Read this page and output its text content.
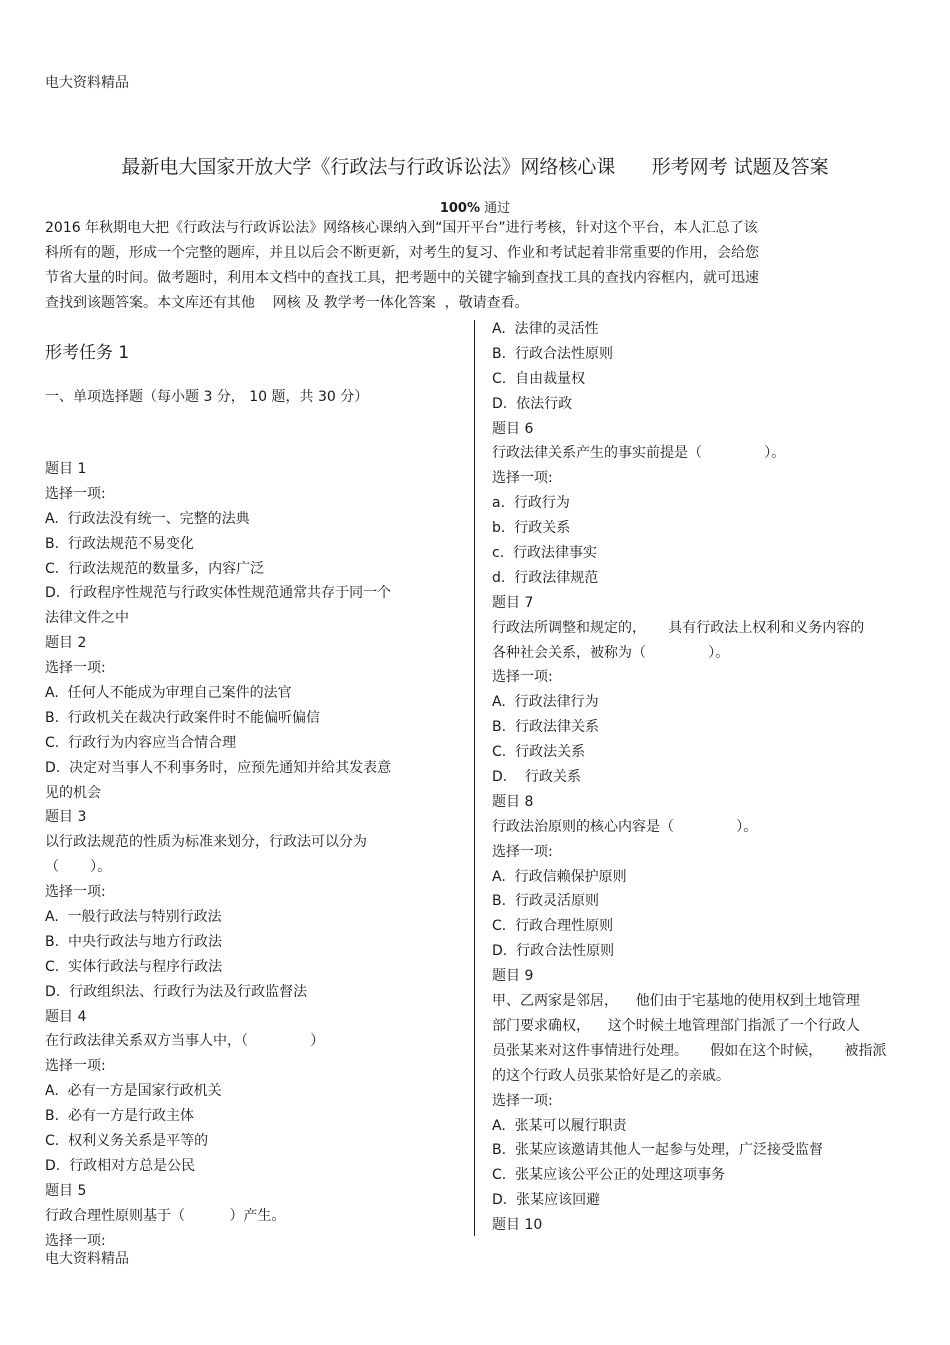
电大资料精品
最新电大国家开放大学《行政法与行政诉讼法》网络核心课      形考网考 试题及答案
100% 通过
2016 年秋期电大把《行政法与行政诉讼法》网络核心课纳入到“国开平台”进行考核，针对这个平台，本人汇总了该
科所有的题，形成一个完整的题库，并且以后会不断更新，对考生的复习、作业和考试起着非常重要的作用，会给您
节省大量的时间。做考题时，利用本文档中的查找工具，把考题中的关键字输到查找工具的查找内容框内，就可迅速
查找到该题答案。本文库还有其他    网核 及 教学考一体化答案  ，敬请查看。
形考任务 1
一、单项选择题（每小题 3 分， 10 题，共 30 分）
题目 1
选择一项:
A.  行政法没有统一、完整的法典
B.  行政法规范不易变化
C.  行政法规范的数量多，内容广泛
D.  行政程序性规范与行政实体性规范通常共存于同一个
法律文件之中
题目 2
选择一项:
A.  任何人不能成为审理自己案件的法官
B.  行政机关在裁决行政案件时不能偏听偏信
C.  行政行为内容应当合情合理
D.  决定对当事人不利事务时，应预先通知并给其发表意
见的机会
题目 3
以行政法规范的性质为标准来划分，行政法可以分为
（       ）。
选择一项:
A.  一般行政法与特别行政法
B.  中央行政法与地方行政法
C.  实体行政法与程序行政法
D.  行政组织法、行政行为法及行政监督法
题目 4
在行政法律关系双方当事人中，（              ）
选择一项:
A.  必有一方是国家行政机关
B.  必有一方是行政主体
C.  权利义务关系是平等的
D.  行政相对方总是公民
题目 5
行政合理性原则基于（          ）产生。
选择一项:
A.  法律的灵活性
B.  行政合法性原则
C.  自由裁量权
D.  依法行政
题目 6
行政法律关系产生的事实前提是（              ）。
选择一项:
a.  行政行为
b.  行政关系
c.  行政法律事实
d.  行政法律规范
题目 7
行政法所调整和规定的，     具有行政法上权利和义务内容的
各种社会关系，被称为（              ）。
选择一项:
A.  行政法律行为
B.  行政法律关系
C.  行政法关系
D.    行政关系
题目 8
行政法治原则的核心内容是（              ）。
选择一项:
A.  行政信赖保护原则
B.  行政灵活原则
C.  行政合理性原则
D.  行政合法性原则
题目 9
甲、乙两家是邻居，    他们由于宅基地的使用权到土地管理
部门要求确权，    这个时候土地管理部门指派了一个行政人
员张某来对这件事情进行处理。     假如在这个时候，     被指派
的这个行政人员张某恰好是乙的亲戚。
选择一项:
A.  张某可以履行职责
B.  张某应该邀请其他人一起参与处理，广泛接受监督
C.  张某应该公平公正的处理这项事务
D.  张某应该回避
题目 10
电大资料精品
